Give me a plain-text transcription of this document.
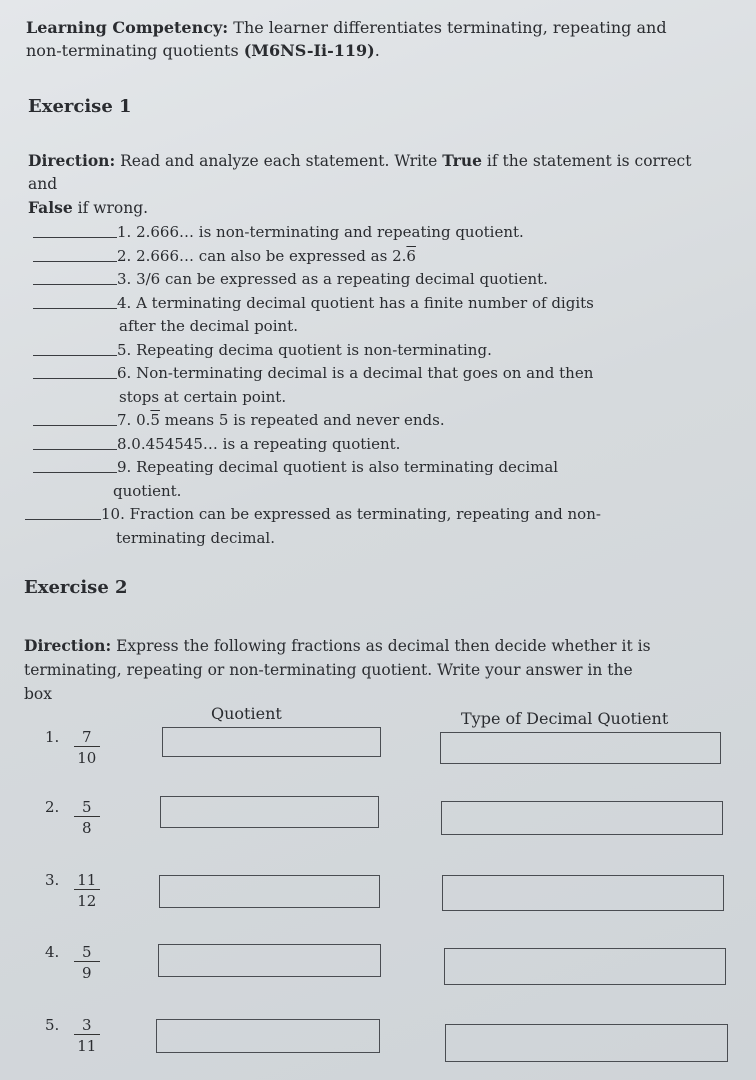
Learning Competency: The learner differentiates terminating, repeating and non-terminating quotients (M6NS-Ii-119).
Exercise 1
Direction: Read and analyze each statement. Write True if the statement is correct and
False if wrong.
1. 2.666… is non-terminating and repeating quotient.
2. 2.666… can also be expressed as 2.6
3. 3/6 can be expressed as a repeating decimal quotient.
4. A terminating decimal quotient has a finite number of digits
after the decimal point.
5. Repeating decima quotient is non-terminating.
6. Non-terminating decimal is a decimal that goes on and then
stops at certain point.
7. 0.5 means 5 is repeated and never ends.
8.0.454545… is a repeating quotient.
9. Repeating decimal quotient is also terminating decimal
quotient.
10. Fraction can be expressed as terminating, repeating and non-
terminating decimal.
Exercise 2
Direction: Express the following fractions as decimal then decide whether it is terminating, repeating or non-terminating quotient. Write your answer in the box
Quotient	Type of Decimal Quotient
1. $\frac{7}{10}$
2. $\frac{5}{8}$
3. $\frac{11}{12}$
4. $\frac{5}{9}$
5. $\frac{3}{11}$
